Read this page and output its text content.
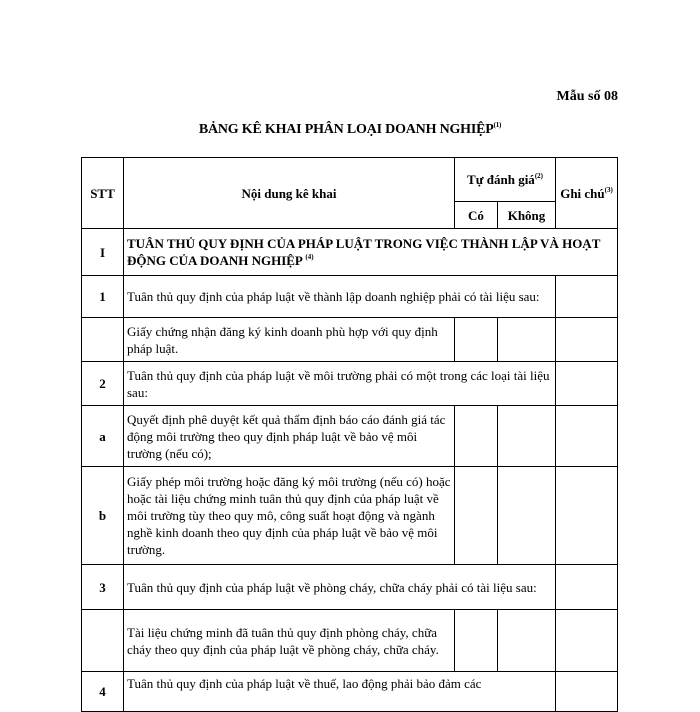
Mẫu số 08
BẢNG KÊ KHAI PHÂN LOẠI DOANH NGHIỆP$^{(1)}$
STT	Nội dung kê khai	Tự đánh giá$^{(2)}$		Ghi chú$^{(3)}$
		Có	Không	
I	TUÂN THỦ QUY ĐỊNH CỦA PHÁP LUẬT TRONG VIỆC THÀNH LẬP VÀ HOẠT ĐỘNG CỦA DOANH NGHIỆP $^{(4)}$
1	Tuân thủ quy định của pháp luật về thành lập doanh nghiệp phải có tài liệu sau:			
	Giấy chứng nhận đăng ký kinh doanh phù hợp với quy định pháp luật.			
2	Tuân thủ quy định của pháp luật về môi trường phải có một trong các loại tài liệu sau:			
a	Quyết định phê duyệt kết quả thẩm định báo cáo đánh giá tác động môi trường theo quy định pháp luật về bảo vệ môi trường (nếu có);			
b	Giấy phép môi trường hoặc đăng ký môi trường (nếu có) hoặc hoặc tài liệu chứng minh tuân thủ quy định của pháp luật về môi trường tùy theo quy mô, công suất hoạt động và ngành nghề kinh doanh theo quy định của pháp luật về bảo vệ môi trường.			
3	Tuân thủ quy định của pháp luật về phòng cháy, chữa cháy phải có tài liệu sau:			
	Tài liệu chứng minh đã tuân thủ quy định phòng cháy, chữa cháy theo quy định của pháp luật về phòng cháy, chữa cháy.			
4	Tuân thủ quy định của pháp luật về thuế, lao động phải bảo đảm các			
